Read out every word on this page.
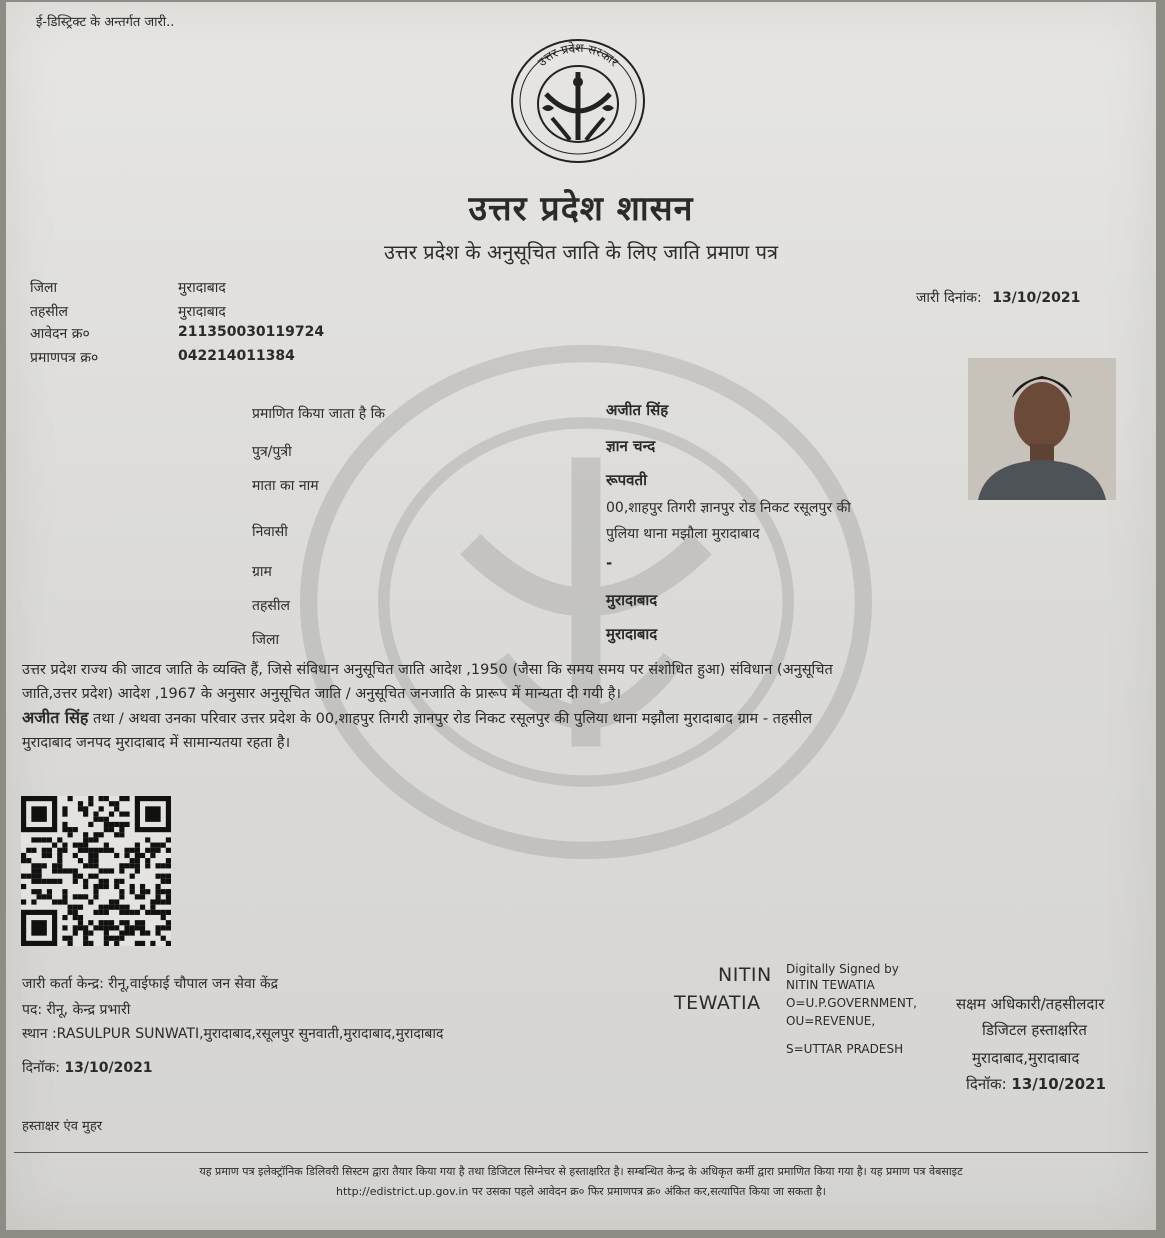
ई-डिस्ट्रिक्ट के अन्तर्गत जारी..
उत्तर प्रदेश सरकार
उत्तर प्रदेश शासन
उत्तर प्रदेश के अनुसूचित जाति के लिए जाति प्रमाण पत्र
जिला	मुरादाबाद
तहसील	मुरादाबाद
आवेदन क्र०	211350030119724
प्रमाणपत्र क्र०	042214011384
जारी दिनांक: 13/10/2021
प्रमाणित किया जाता है कि	अजीत सिंह
पुत्र/पुत्री	ज्ञान चन्द
माता का नाम	रूपवती
निवासी
00,शाहपुर तिगरी ज्ञानपुर रोड निकट रसूलपुर की
पुलिया थाना मझौला मुरादाबाद
ग्राम	-
तहसील	मुरादाबाद
जिला	मुरादाबाद
उत्तर प्रदेश राज्य की जाटव जाति के व्यक्ति हैं, जिसे संविधान अनुसूचित जाति आदेश ,1950 (जैसा कि समय समय पर संशोधित हुआ) संविधान (अनुसूचित
जाति,उत्तर प्रदेश) आदेश ,1967 के अनुसार अनुसूचित जाति / अनुसूचित जनजाति के प्रारूप में मान्यता दी गयी है।
अजीत सिंह तथा / अथवा उनका परिवार उत्तर प्रदेश के 00,शाहपुर तिगरी ज्ञानपुर रोड निकट रसूलपुर की पुलिया थाना मझौला मुरादाबाद ग्राम - तहसील
मुरादाबाद जनपद मुरादाबाद में सामान्यतया रहता है।
जारी कर्ता केन्द्र: रीनू,वाईफाई चौपाल जन सेवा केंद्र
पद: रीनू, केन्द्र प्रभारी
स्थान :RASULPUR SUNWATI,मुरादाबाद,रसूलपुर सुनवाती,मुरादाबाद,मुरादाबाद
दिनॉक: 13/10/2021
हस्ताक्षर एंव मुहर
NITIN
TEWATIA
Digitally Signed by
NITIN TEWATIA
O=U.P.GOVERNMENT,
OU=REVENUE,
S=UTTAR PRADESH
सक्षम अधिकारी/तहसीलदार
डिजिटल हस्ताक्षरित
मुरादाबाद,मुरादाबाद
दिनॉक: 13/10/2021
यह प्रमाण पत्र इलेक्ट्रॉनिक डिलिवरी सिस्टम द्वारा तैयार किया गया है तथा डिजिटल सिग्नेचर से हस्ताक्षरित है। सम्बन्धित केन्द्र के अधिकृत कर्मी द्वारा प्रमाणित किया गया है। यह प्रमाण पत्र वेबसाइट
http://edistrict.up.gov.in पर उसका पहले आवेदन क्र० फिर प्रमाणपत्र क्र० अंकित कर,सत्यापित किया जा सकता है।
